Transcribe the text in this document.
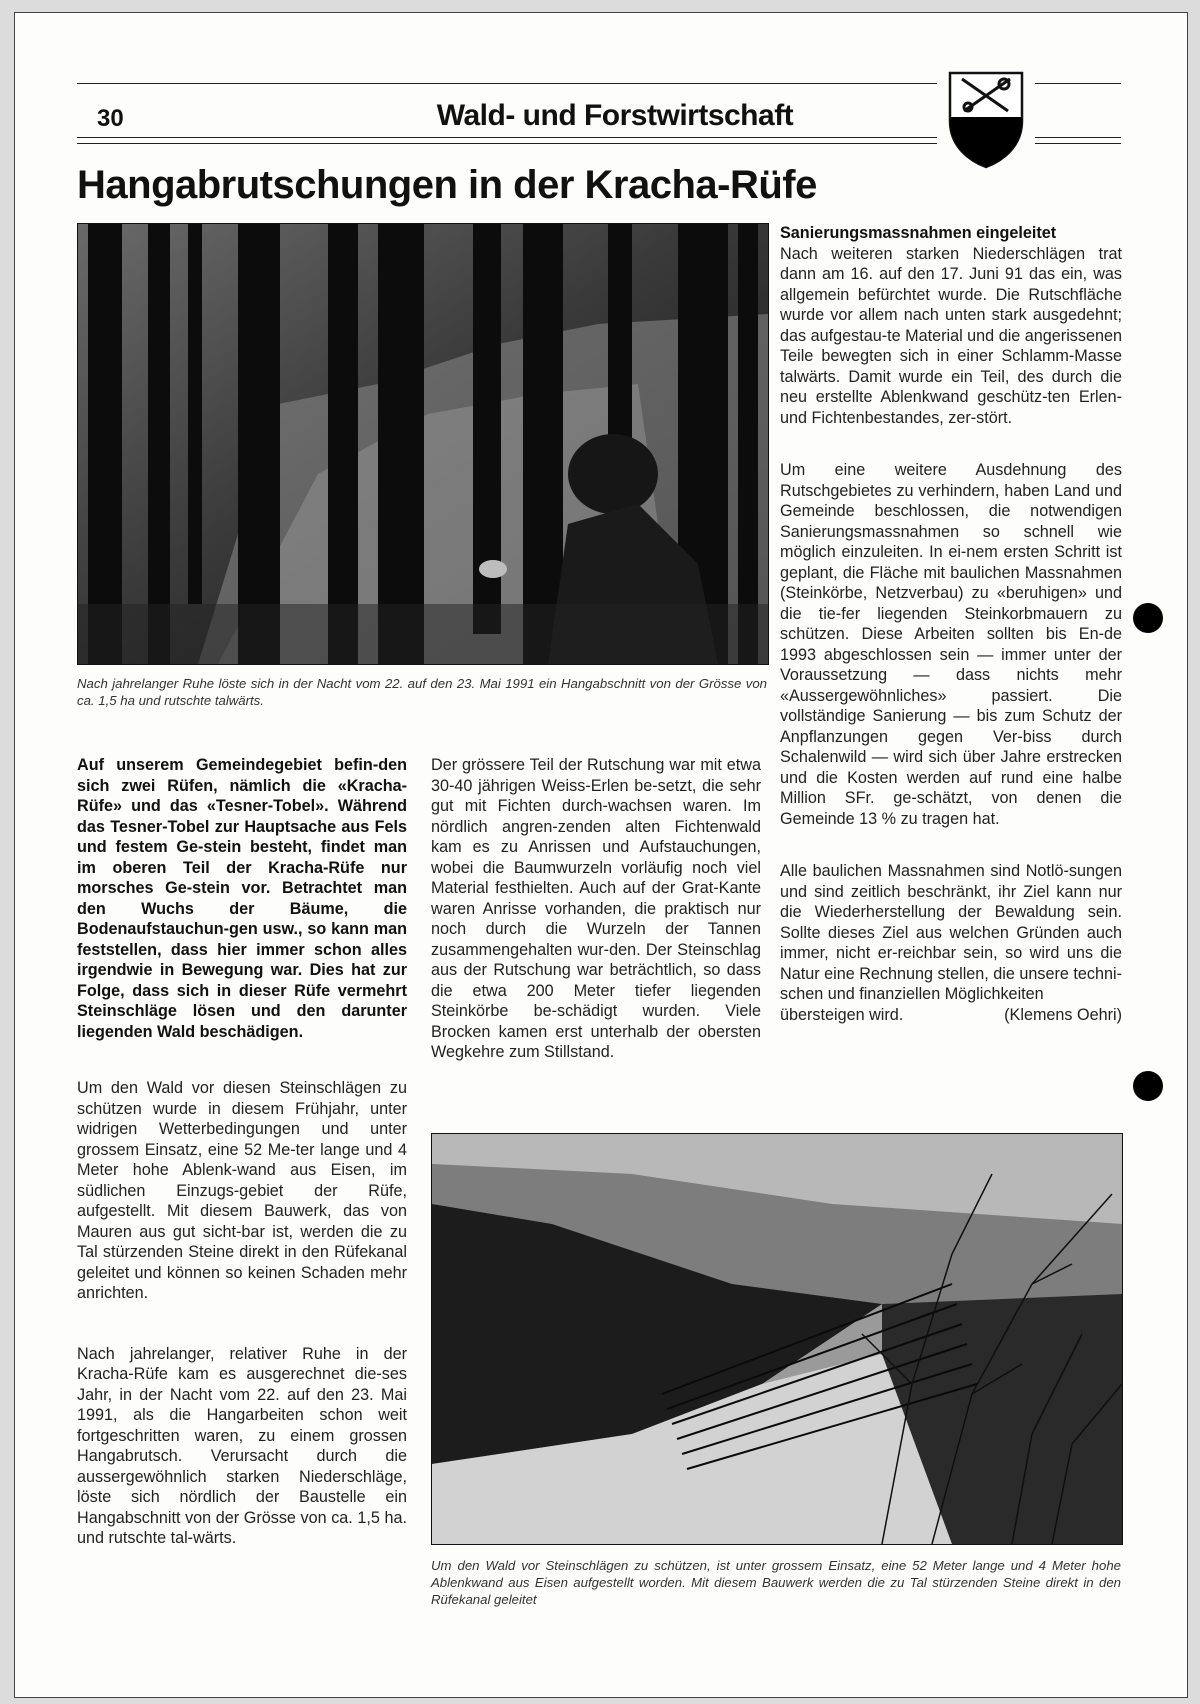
30	Wald- und Forstwirtschaft
Hangabrutschungen in der Kracha-Rüfe
Nach jahrelanger Ruhe löste sich in der Nacht vom 22. auf den 23. Mai 1991 ein Hangabschnitt von der Grösse von ca. 1,5 ha und rutschte talwärts.

Auf unserem Gemeindegebiet befin-den sich zwei Rüfen, nämlich die «Kracha-Rüfe» und das «Tesner-Tobel». Während das Tesner-Tobel zur Hauptsache aus Fels und festem Ge-stein besteht, findet man im oberen Teil der Kracha-Rüfe nur morsches Ge-stein vor. Betrachtet man den Wuchs der Bäume, die Bodenaufstauchun-gen usw., so kann man feststellen, dass hier immer schon alles irgendwie in Bewegung war. Dies hat zur Folge, dass sich in dieser Rüfe vermehrt Steinschläge lösen und den darunter liegenden Wald beschädigen.

Um den Wald vor diesen Steinschlägen zu schützen wurde in diesem Frühjahr, unter widrigen Wetterbedingungen und unter grossem Einsatz, eine 52 Me-ter lange und 4 Meter hohe Ablenk-wand aus Eisen, im südlichen Einzugs-gebiet der Rüfe, aufgestellt. Mit diesem Bauwerk, das von Mauren aus gut sicht-bar ist, werden die zu Tal stürzenden Steine direkt in den Rüfekanal geleitet und können so keinen Schaden mehr anrichten.

Nach jahrelanger, relativer Ruhe in der Kracha-Rüfe kam es ausgerechnet die-ses Jahr, in der Nacht vom 22. auf den 23. Mai 1991, als die Hangarbeiten schon weit fortgeschritten waren, zu einem grossen Hangabrutsch. Verursacht durch die aussergewöhnlich starken Niederschläge, löste sich nördlich der Baustelle ein Hangabschnitt von der Grösse von ca. 1,5 ha. und rutschte tal-wärts.

Der grössere Teil der Rutschung war mit etwa 30-40 jährigen Weiss-Erlen be-setzt, die sehr gut mit Fichten durch-wachsen waren. Im nördlich angren-zenden alten Fichtenwald kam es zu Anrissen und Aufstauchungen, wobei die Baumwurzeln vorläufig noch viel Material festhielten. Auch auf der Grat-Kante waren Anrisse vorhanden, die praktisch nur noch durch die Wurzeln der Tannen zusammengehalten wur-den. Der Steinschlag aus der Rutschung war beträchtlich, so dass die etwa 200 Meter tiefer liegenden Steinkörbe be-schädigt wurden. Viele Brocken kamen erst unterhalb der obersten Wegkehre zum Stillstand.

Sanierungsmassnahmen eingeleitet

Nach weiteren starken Niederschlägen trat dann am 16. auf den 17. Juni 91 das ein, was allgemein befürchtet wurde. Die Rutschfläche wurde vor allem nach unten stark ausgedehnt; das aufgestau-te Material und die angerissenen Teile bewegten sich in einer Schlamm-Masse talwärts. Damit wurde ein Teil, des durch die neu erstellte Ablenkwand geschütz-ten Erlen- und Fichtenbestandes, zer-stört.

Um eine weitere Ausdehnung des Rutschgebietes zu verhindern, haben Land und Gemeinde beschlossen, die notwendigen Sanierungsmassnahmen so schnell wie möglich einzuleiten. In ei-nem ersten Schritt ist geplant, die Fläche mit baulichen Massnahmen (Steinkörbe, Netzverbau) zu «beruhigen» und die tie-fer liegenden Steinkorbmauern zu schützen. Diese Arbeiten sollten bis En-de 1993 abgeschlossen sein — immer unter der Voraussetzung — dass nichts mehr «Aussergewöhnliches» passiert. Die vollständige Sanierung — bis zum Schutz der Anpflanzungen gegen Ver-biss durch Schalenwild — wird sich über Jahre erstrecken und die Kosten werden auf rund eine halbe Million SFr. ge-schätzt, von denen die Gemeinde 13 % zu tragen hat.

Alle baulichen Massnahmen sind Notlö-sungen und sind zeitlich beschränkt, ihr Ziel kann nur die Wiederherstellung der Bewaldung sein. Sollte dieses Ziel aus welchen Gründen auch immer, nicht er-reichbar sein, so wird uns die Natur eine Rechnung stellen, die unsere techni-schen und finanziellen Möglichkeiten

übersteigen wird.	(Klemens Oehri)
Um den Wald vor Steinschlägen zu schützen, ist unter grossem Einsatz, eine 52 Meter lange und 4 Meter hohe Ablenkwand aus Eisen aufgestellt worden. Mit diesem Bauwerk werden die zu Tal stürzenden Steine direkt in den Rüfekanal geleitet
